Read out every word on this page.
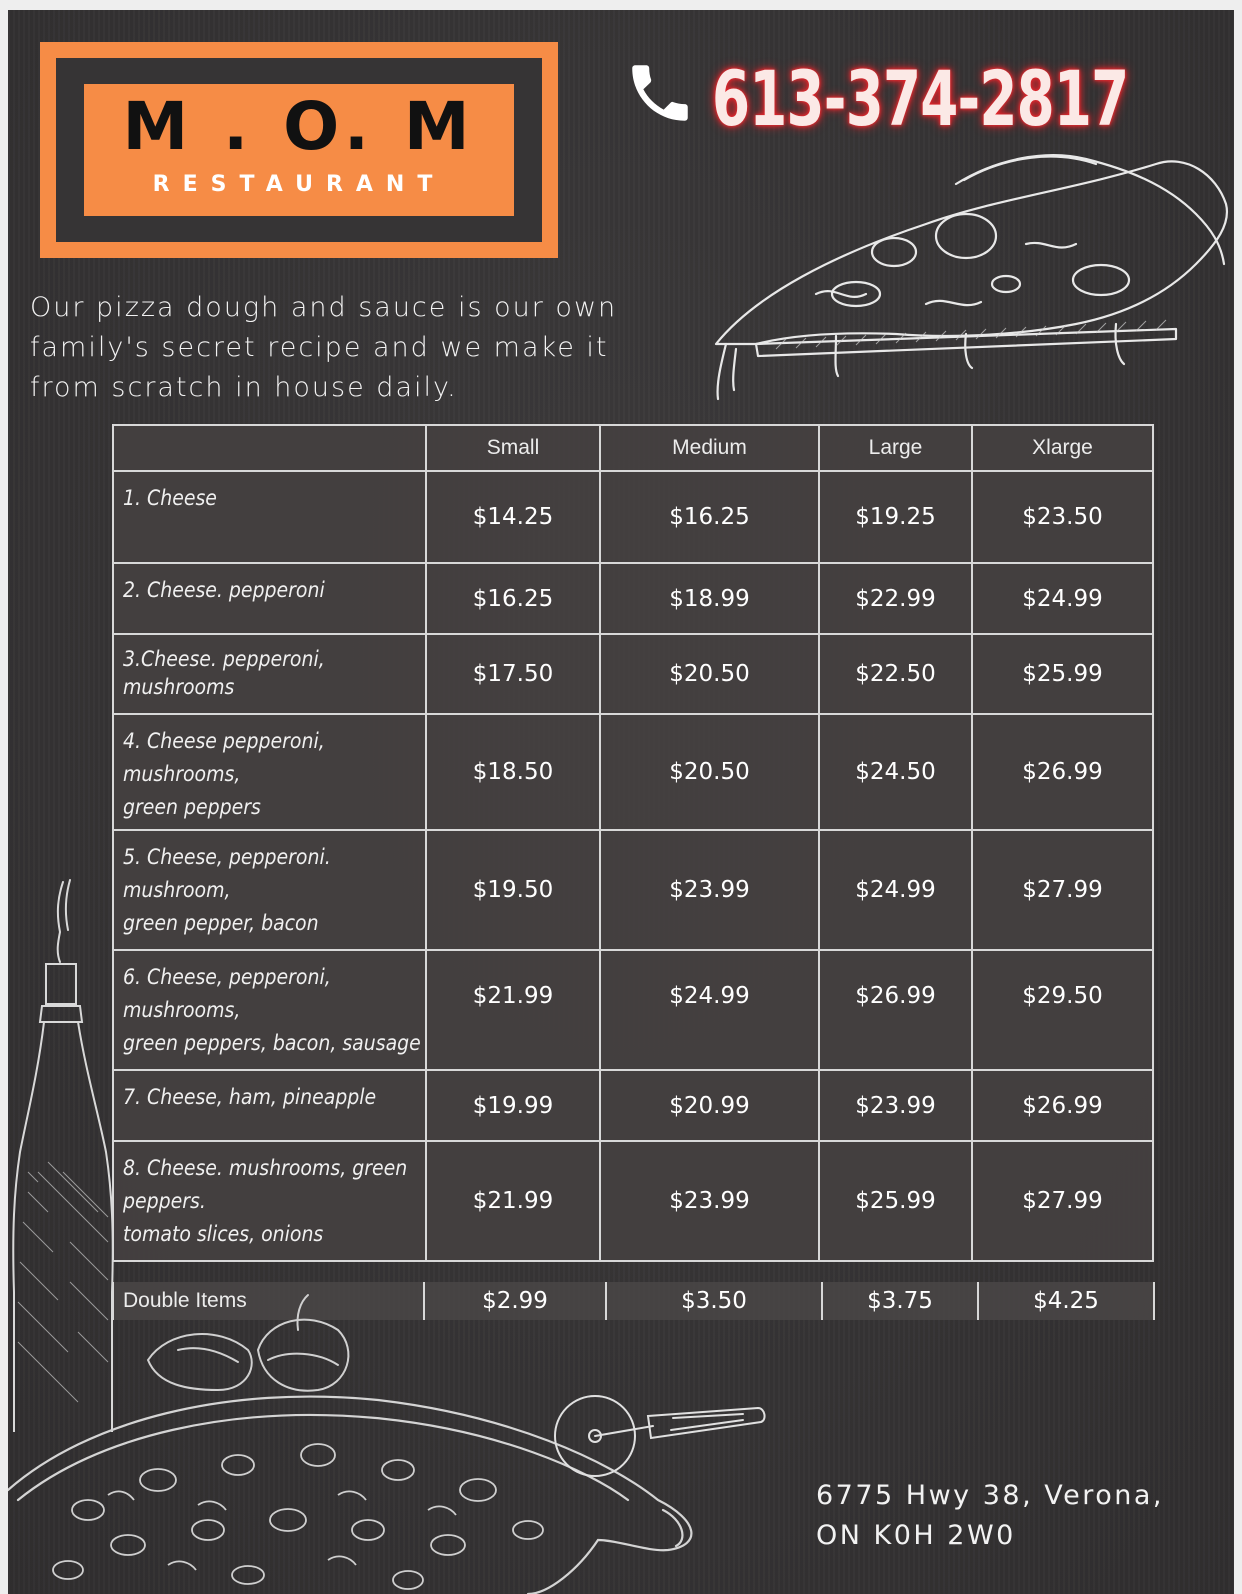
M . O. M
RESTAURANT
613-374-2817
Our pizza dough and sauce is our own family's secret recipe and we make it from scratch in house daily.
	Small	Medium	Large	Xlarge
1. Cheese	$14.25	$16.25	$19.25	$23.50
2. Cheese. pepperoni	$16.25	$18.99	$22.99	$24.99
3.Cheese. pepperoni,
mushrooms	$17.50	$20.50	$22.50	$25.99
4. Cheese pepperoni,
mushrooms,
green peppers	$18.50	$20.50	$24.50	$26.99
5. Cheese, pepperoni.
mushroom,
green pepper, bacon	$19.50	$23.99	$24.99	$27.99
6. Cheese, pepperoni,
mushrooms,
green peppers, bacon, sausage	$21.99	$24.99	$26.99	$29.50
7. Cheese, ham, pineapple	$19.99	$20.99	$23.99	$26.99
8. Cheese. mushrooms, green
peppers.
tomato slices, onions	$21.99	$23.99	$25.99	$27.99
Double Items	$2.99	$3.50	$3.75	$4.25
6775 Hwy 38, Verona,
ON K0H 2W0
